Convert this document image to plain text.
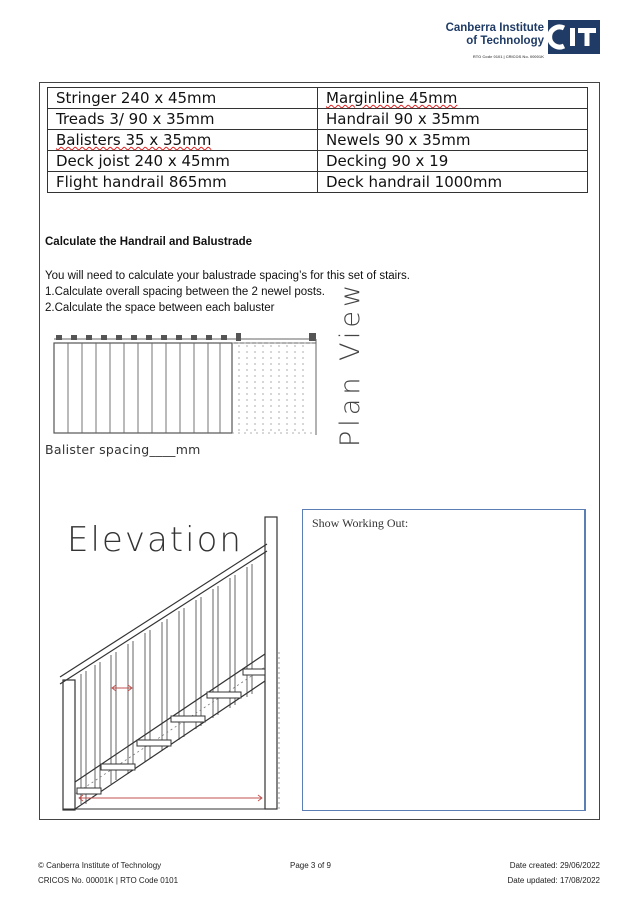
Canberra Institute
of Technology
RTO Code 0101 | CRICOS No. 00001K
Stringer 240 x 45mm	Marginline 45mm
Treads 3/ 90 x 35mm	Handrail 90 x 35mm
Balisters 35 x 35mm	Newels 90 x 35mm
Deck joist 240 x 45mm	Decking 90 x 19
Flight handrail 865mm	Deck handrail 1000mm
Calculate the Handrail and Balustrade
You will need to calculate your balustrade spacing’s for this set of stairs.
1.Calculate overall spacing between the 2 newel posts.
2.Calculate the space between each baluster
Balister spacing____mm
Plan View
Elevation	Show Working Out:
© Canberra Institute of Technology
CRICOS No. 00001K | RTO Code 0101
Page 3 of 9	Date created: 29/06/2022
Date updated: 17/08/2022
